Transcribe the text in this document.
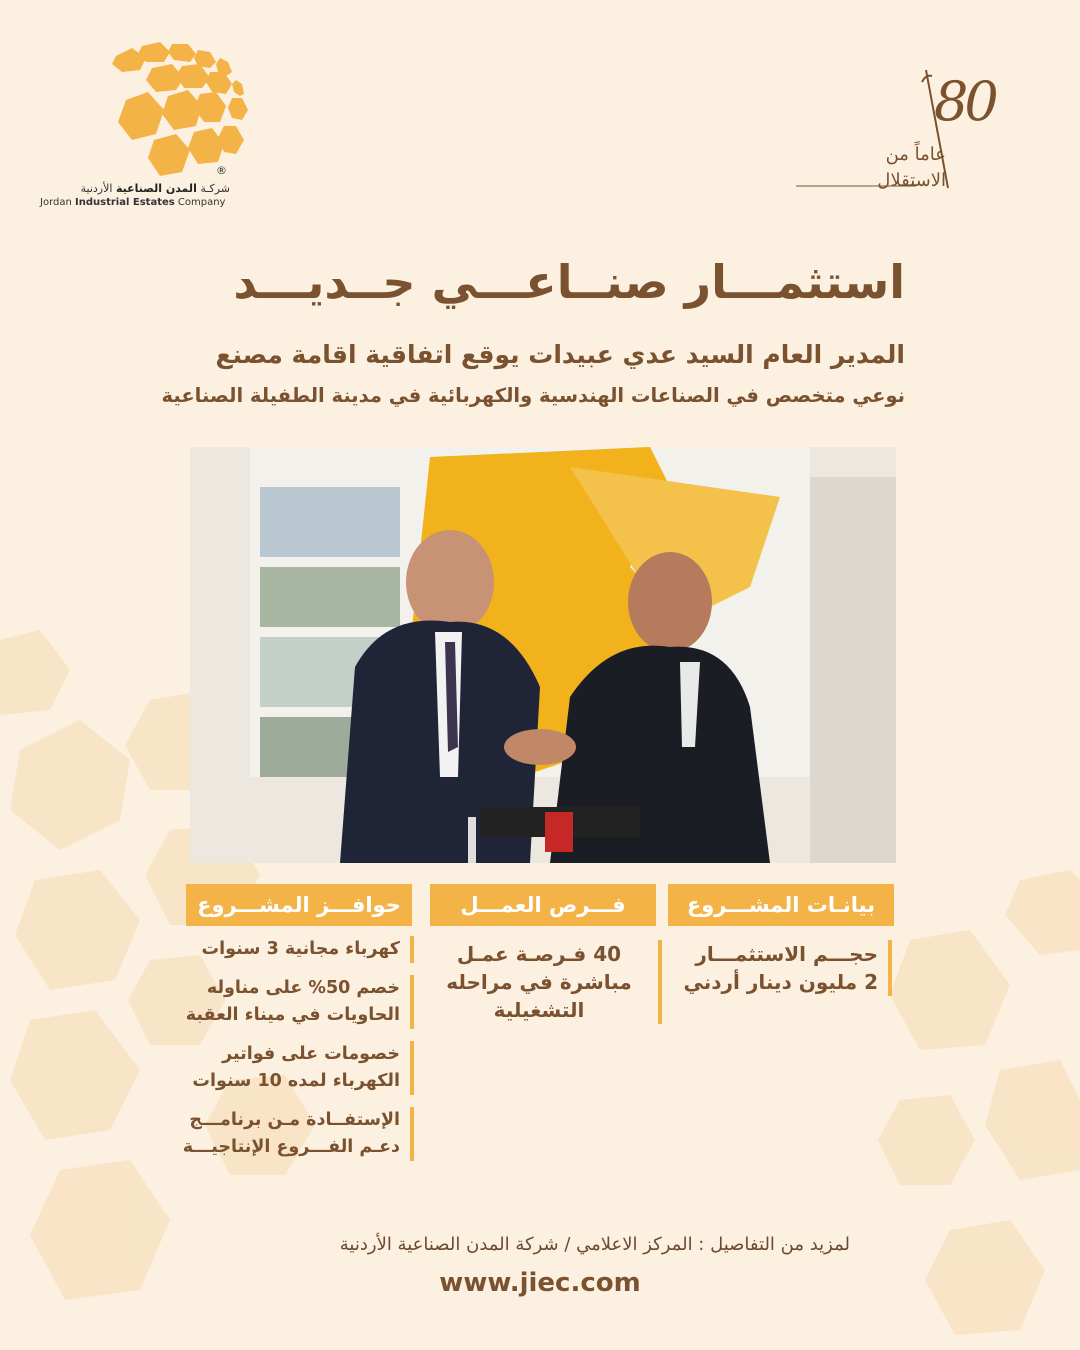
®
شركـة المدن الصناعية الأردنية
Jordan Industrial Estates Company
80
عاماً من
الاستقلال
استثمـــار صنــاعـــي جــديـــد
المدير العام السيد عدي عبيدات يوقع اتفاقية اقامة مصنع
نوعي متخصص في الصناعات الهندسية والكهربائية في مدينة الطفيلة الصناعية
بيانـات المشـــروع
فـــرص العمـــل
حوافـــز المشـــروع
حجـــم الاستثمـــار
2 مليون دينار أردني
40 فـرصـة عمـل
مباشرة في مراحله
التشغيلية
كهرباء مجانية 3 سنوات
خصم 50% على مناوله
الحاويات في ميناء العقبة
خصومات على فواتير
الكهرباء لمده 10 سنوات
الإستفــادة مـن برنامـــج
دعـم الفـــروع الإنتاجيـــة
لمزيد من التفاصيل : المركز الاعلامي / شركة المدن الصناعية الأردنية
www.jiec.com
